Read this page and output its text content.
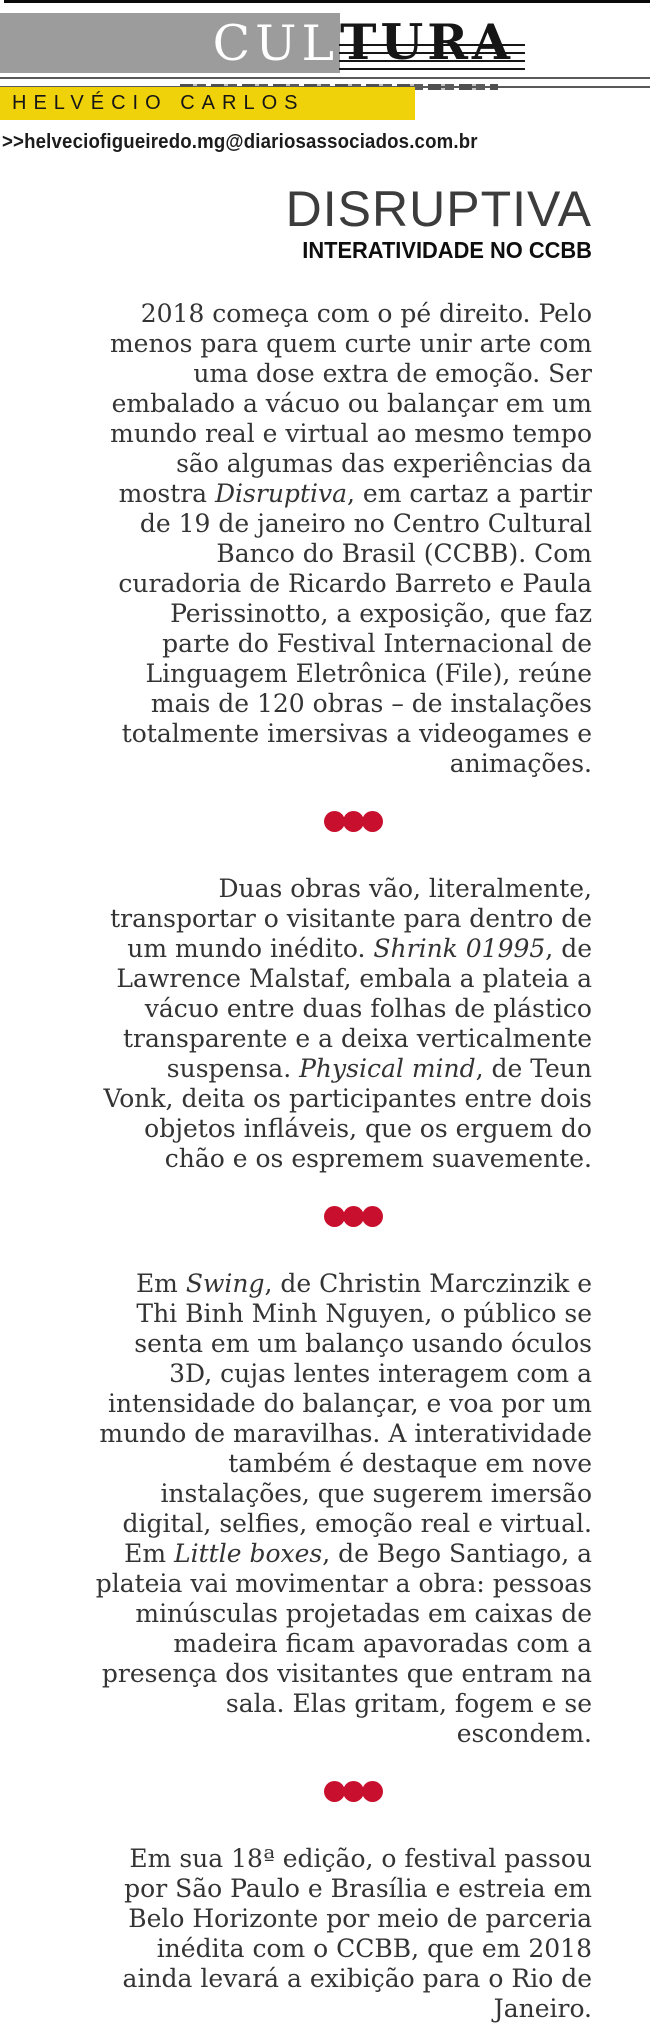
CUL TURA
HELVÉCIO CARLOS
>>helveciofigueiredo.mg@diariosassociados.com.br
DISRUPTIVA
INTERATIVIDADE NO CCBB

2018 começa com o pé direito. Pelo menos para quem curte unir arte com uma dose extra de emoção. Ser embalado a vácuo ou balançar em um mundo real e virtual ao mesmo tempo são algumas das experiências da mostra Disruptiva, em cartaz a partir de 19 de janeiro no Centro Cultural Banco do Brasil (CCBB). Com curadoria de Ricardo Barreto e Paula Perissinotto, a exposição, que faz parte do Festival Internacional de Linguagem Eletrônica (File), reúne mais de 120 obras – de instalações totalmente imersivas a videogames e animações.

Duas obras vão, literalmente, transportar o visitante para dentro de um mundo inédito. Shrink 01995, de Lawrence Malstaf, embala a plateia a vácuo entre duas folhas de plástico transparente e a deixa verticalmente suspensa. Physical mind, de Teun Vonk, deita os participantes entre dois objetos infláveis, que os erguem do chão e os espremem suavemente.

Em Swing, de Christin Marczinzik e Thi Binh Minh Nguyen, o público se senta em um balanço usando óculos 3D, cujas lentes interagem com a intensidade do balançar, e voa por um mundo de maravilhas. A interatividade também é destaque em nove instalações, que sugerem imersão digital, selfies, emoção real e virtual. Em Little boxes, de Bego Santiago, a plateia vai movimentar a obra: pessoas minúsculas projetadas em caixas de madeira ficam apavoradas com a presença dos visitantes que entram na sala. Elas gritam, fogem e se escondem.

Em sua 18ª edição, o festival passou por São Paulo e Brasília e estreia em Belo Horizonte por meio de parceria inédita com o CCBB, que em 2018 ainda levará a exibição para o Rio de Janeiro.
